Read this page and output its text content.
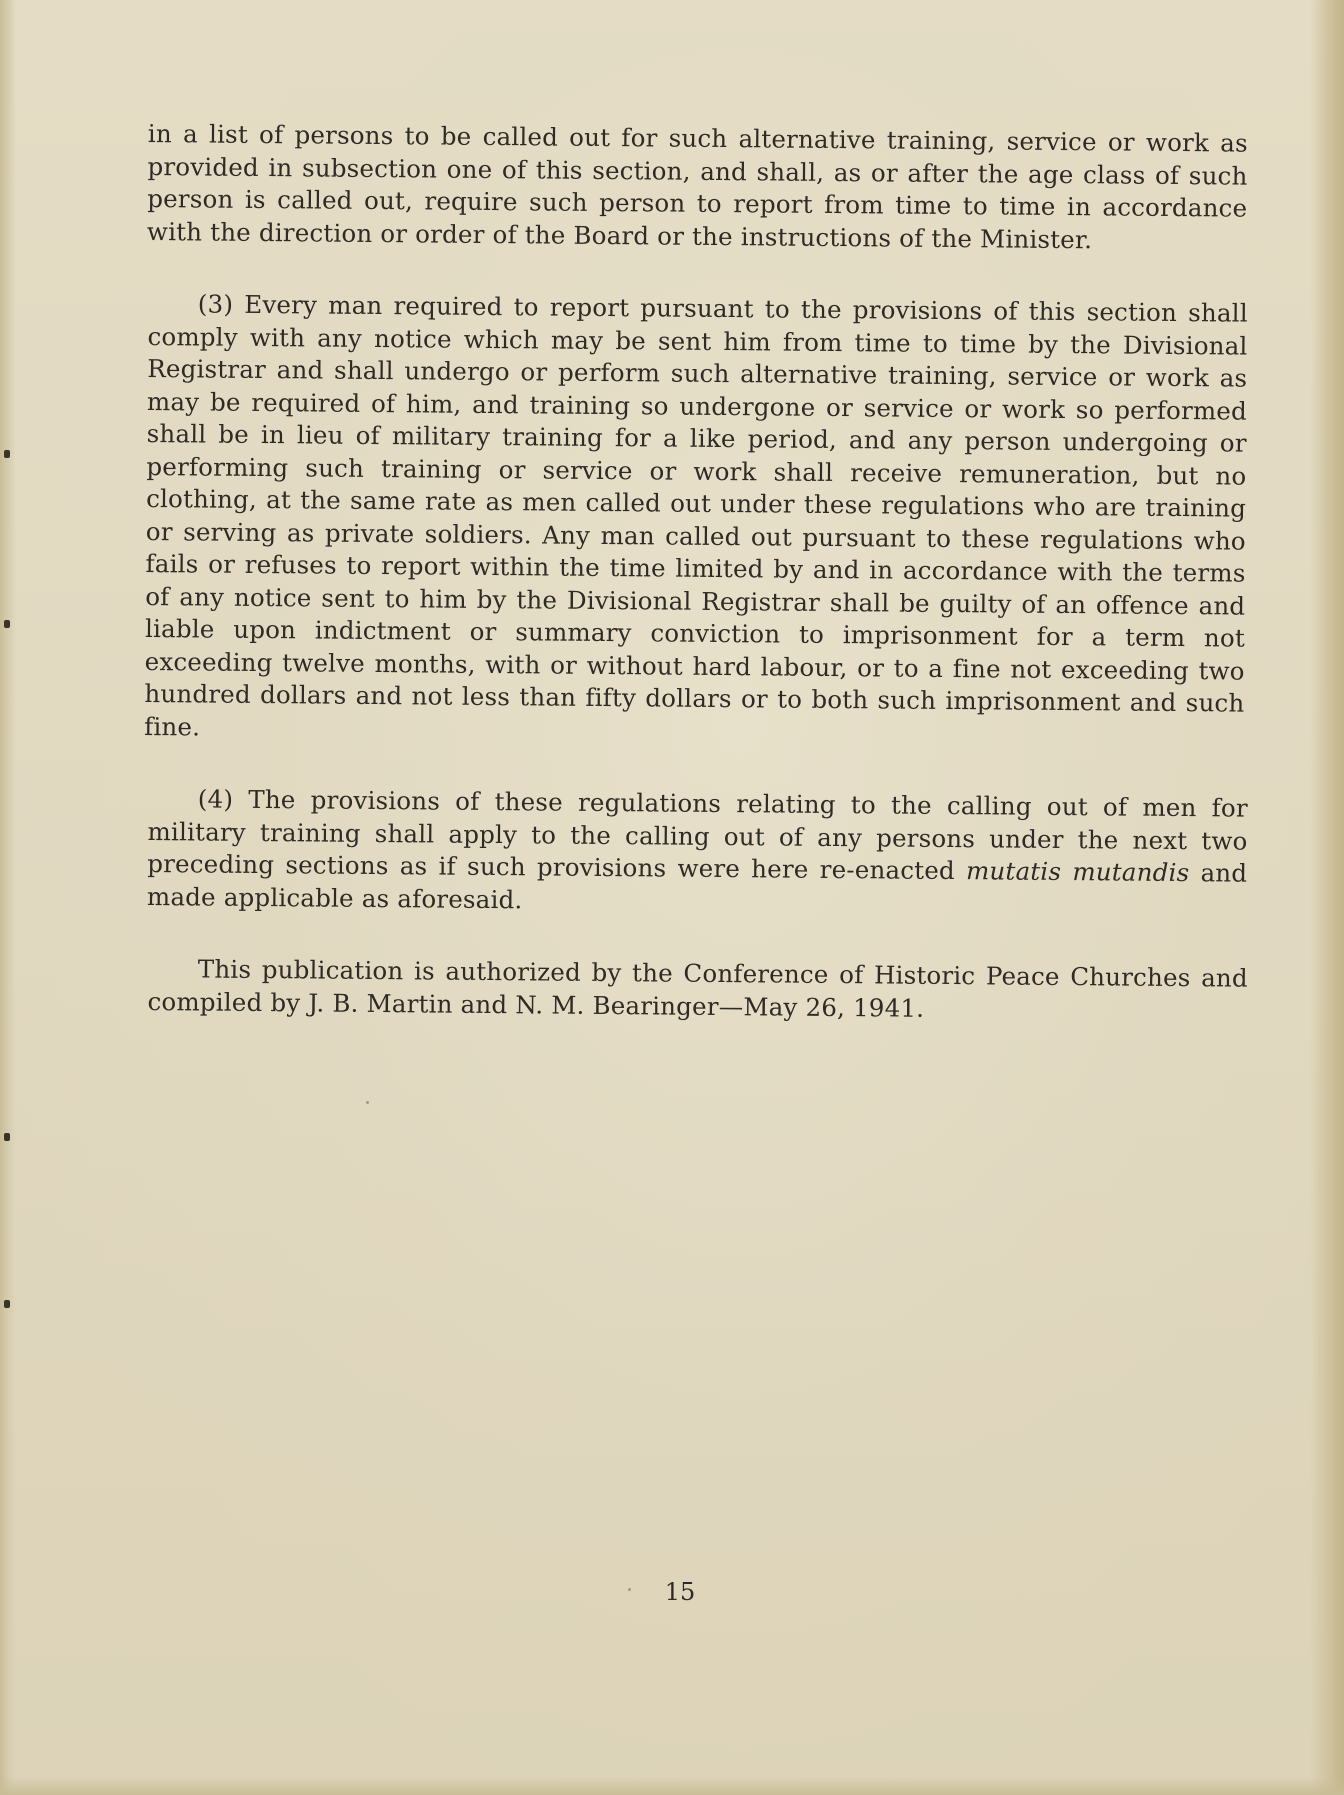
in a list of persons to be called out for such alternative training, service or work as provided in subsection one of this section, and shall, as or after the age class of such person is called out, require such person to report from time to time in accordance with the direction or order of the Board or the instructions of the Minister.

(3) Every man required to report pursuant to the provisions of this section shall comply with any notice which may be sent him from time to time by the Divisional Registrar and shall undergo or perform such alternative training, service or work as may be required of him, and training so undergone or service or work so performed shall be in lieu of military training for a like period, and any person undergoing or performing such training or service or work shall receive remuneration, but no clothing, at the same rate as men called out under these regulations who are training or serving as private soldiers. Any man called out pursuant to these regulations who fails or refuses to report within the time limited by and in accordance with the terms of any notice sent to him by the Divisional Registrar shall be guilty of an offence and liable upon indictment or summary conviction to imprisonment for a term not exceeding twelve months, with or without hard labour, or to a fine not exceeding two hundred dollars and not less than fifty dollars or to both such imprisonment and such fine.

(4) The provisions of these regulations relating to the calling out of men for military training shall apply to the calling out of any persons under the next two preceding sections as if such provisions were here re-enacted mutatis mutandis and made applicable as aforesaid.

This publication is authorized by the Conference of Historic Peace Churches and compiled by J. B. Martin and N. M. Bearinger—May 26, 1941.

15
